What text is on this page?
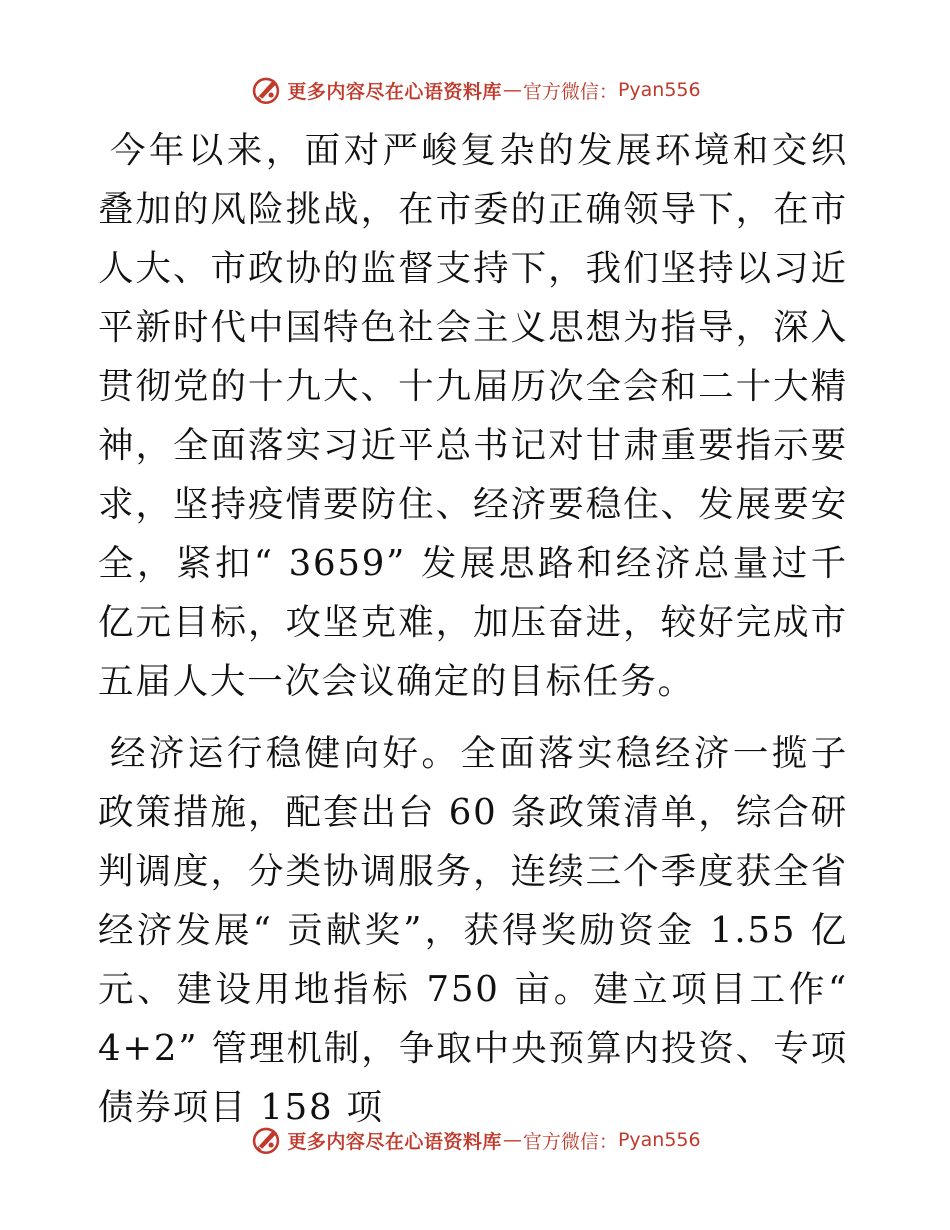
更多内容尽在心语资料库 — 官方微信： Pyan556

今年以来，面对严峻复杂的发展环境和交织叠加的风险挑战，在市委的正确领导下，在市人大、市政协的监督支持下，我们坚持以习近平新时代中国特色社会主义思想为指导，深入贯彻党的十九大、十九届历次全会和二十大精神，全面落实习近平总书记对甘肃重要指示要求，坚持疫情要防住、经济要稳住、发展要安全，紧扣“ 3659” 发展思路和经济总量过千亿元目标，攻坚克难，加压奋进，较好完成市五届人大一次会议确定的目标任务。

经济运行稳健向好。全面落实稳经济一揽子政策措施，配套出台 60 条政策清单，综合研判调度，分类协调服务，连续三个季度获全省经济发展“ 贡献奖”，获得奖励资金 1.55 亿元、建设用地指标 750 亩。建立项目工作“ 4+2” 管理机制，争取中央预算内投资、专项债券项目 158 项

更多内容尽在心语资料库 — 官方微信： Pyan556
